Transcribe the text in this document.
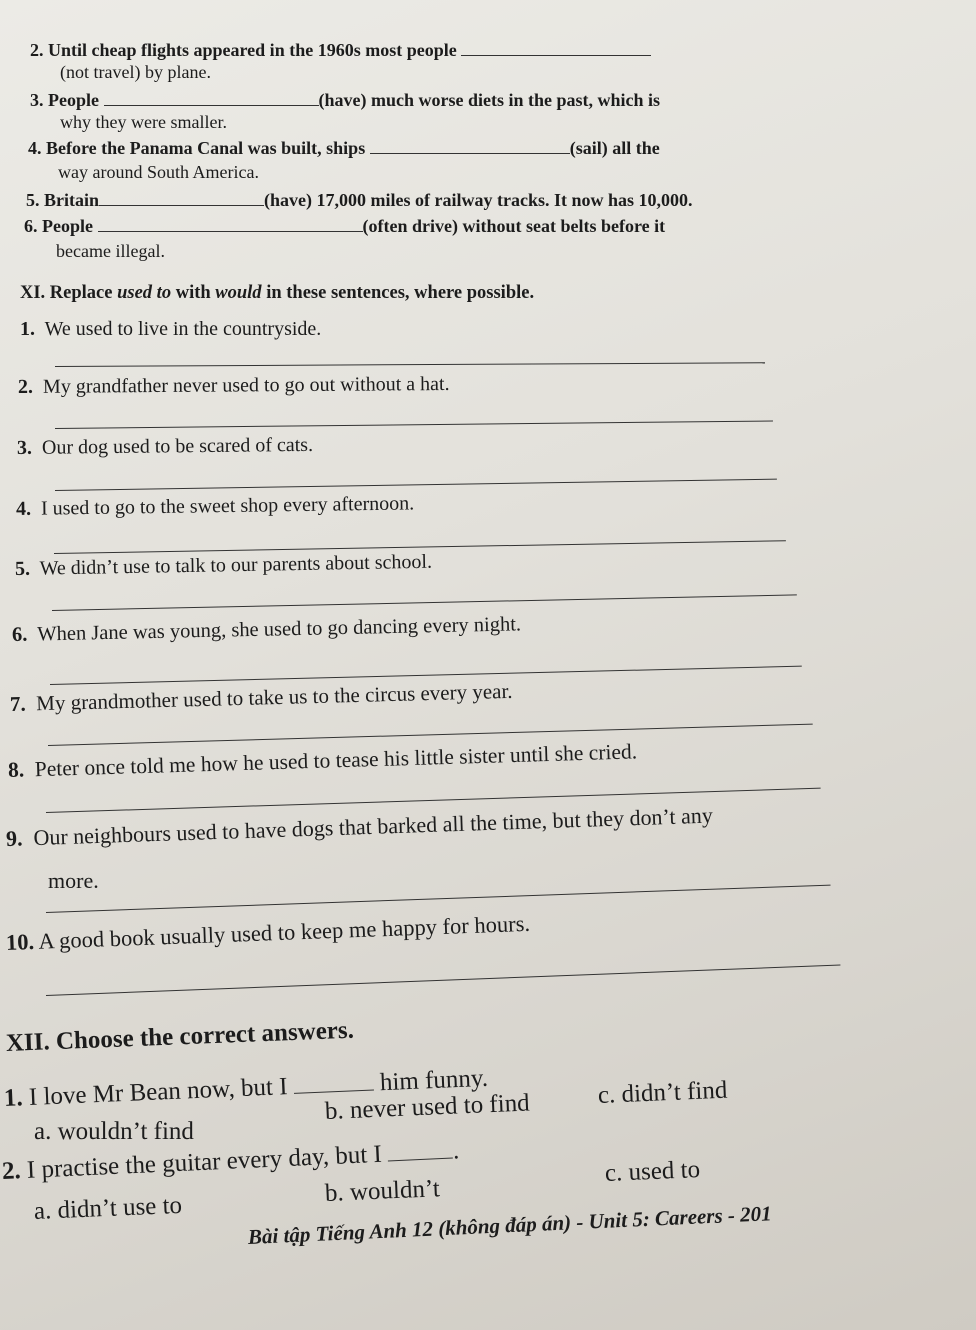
2. Until cheap flights appeared in the 1960s most people
(not travel) by plane.
3. People	(have) much worse diets in the past, which is
why they were smaller.
4. Before the Panama Canal was built, ships	(sail) all the
way around South America.
5. Britain	(have) 17,000 miles of railway tracks. It now has 10,000.
6. People	(often drive) without seat belts before it
became illegal.
XI. Replace used to with would in these sentences, where possible.
1. We used to live in the countryside.
2. My grandfather never used to go out without a hat.
3. Our dog used to be scared of cats.
4. I used to go to the sweet shop every afternoon.
5. We didn’t use to talk to our parents about school.
6. When Jane was young, she used to go dancing every night.
7. My grandmother used to take us to the circus every year.
8. Peter once told me how he used to tease his little sister until she cried.
9. Our neighbours used to have dogs that barked all the time, but they don’t any
more.
10. A good book usually used to keep me happy for hours.
XII. Choose the correct answers.
1. I love Mr Bean now, but I	him funny.
a. wouldn’t find
b. never used to find	c. didn’t find
2. I practise the guitar every day, but I	.
a. didn’t use to
b. wouldn’t
c. used to
Bài tập Tiếng Anh 12 (không đáp án) - Unit 5: Careers - 201
